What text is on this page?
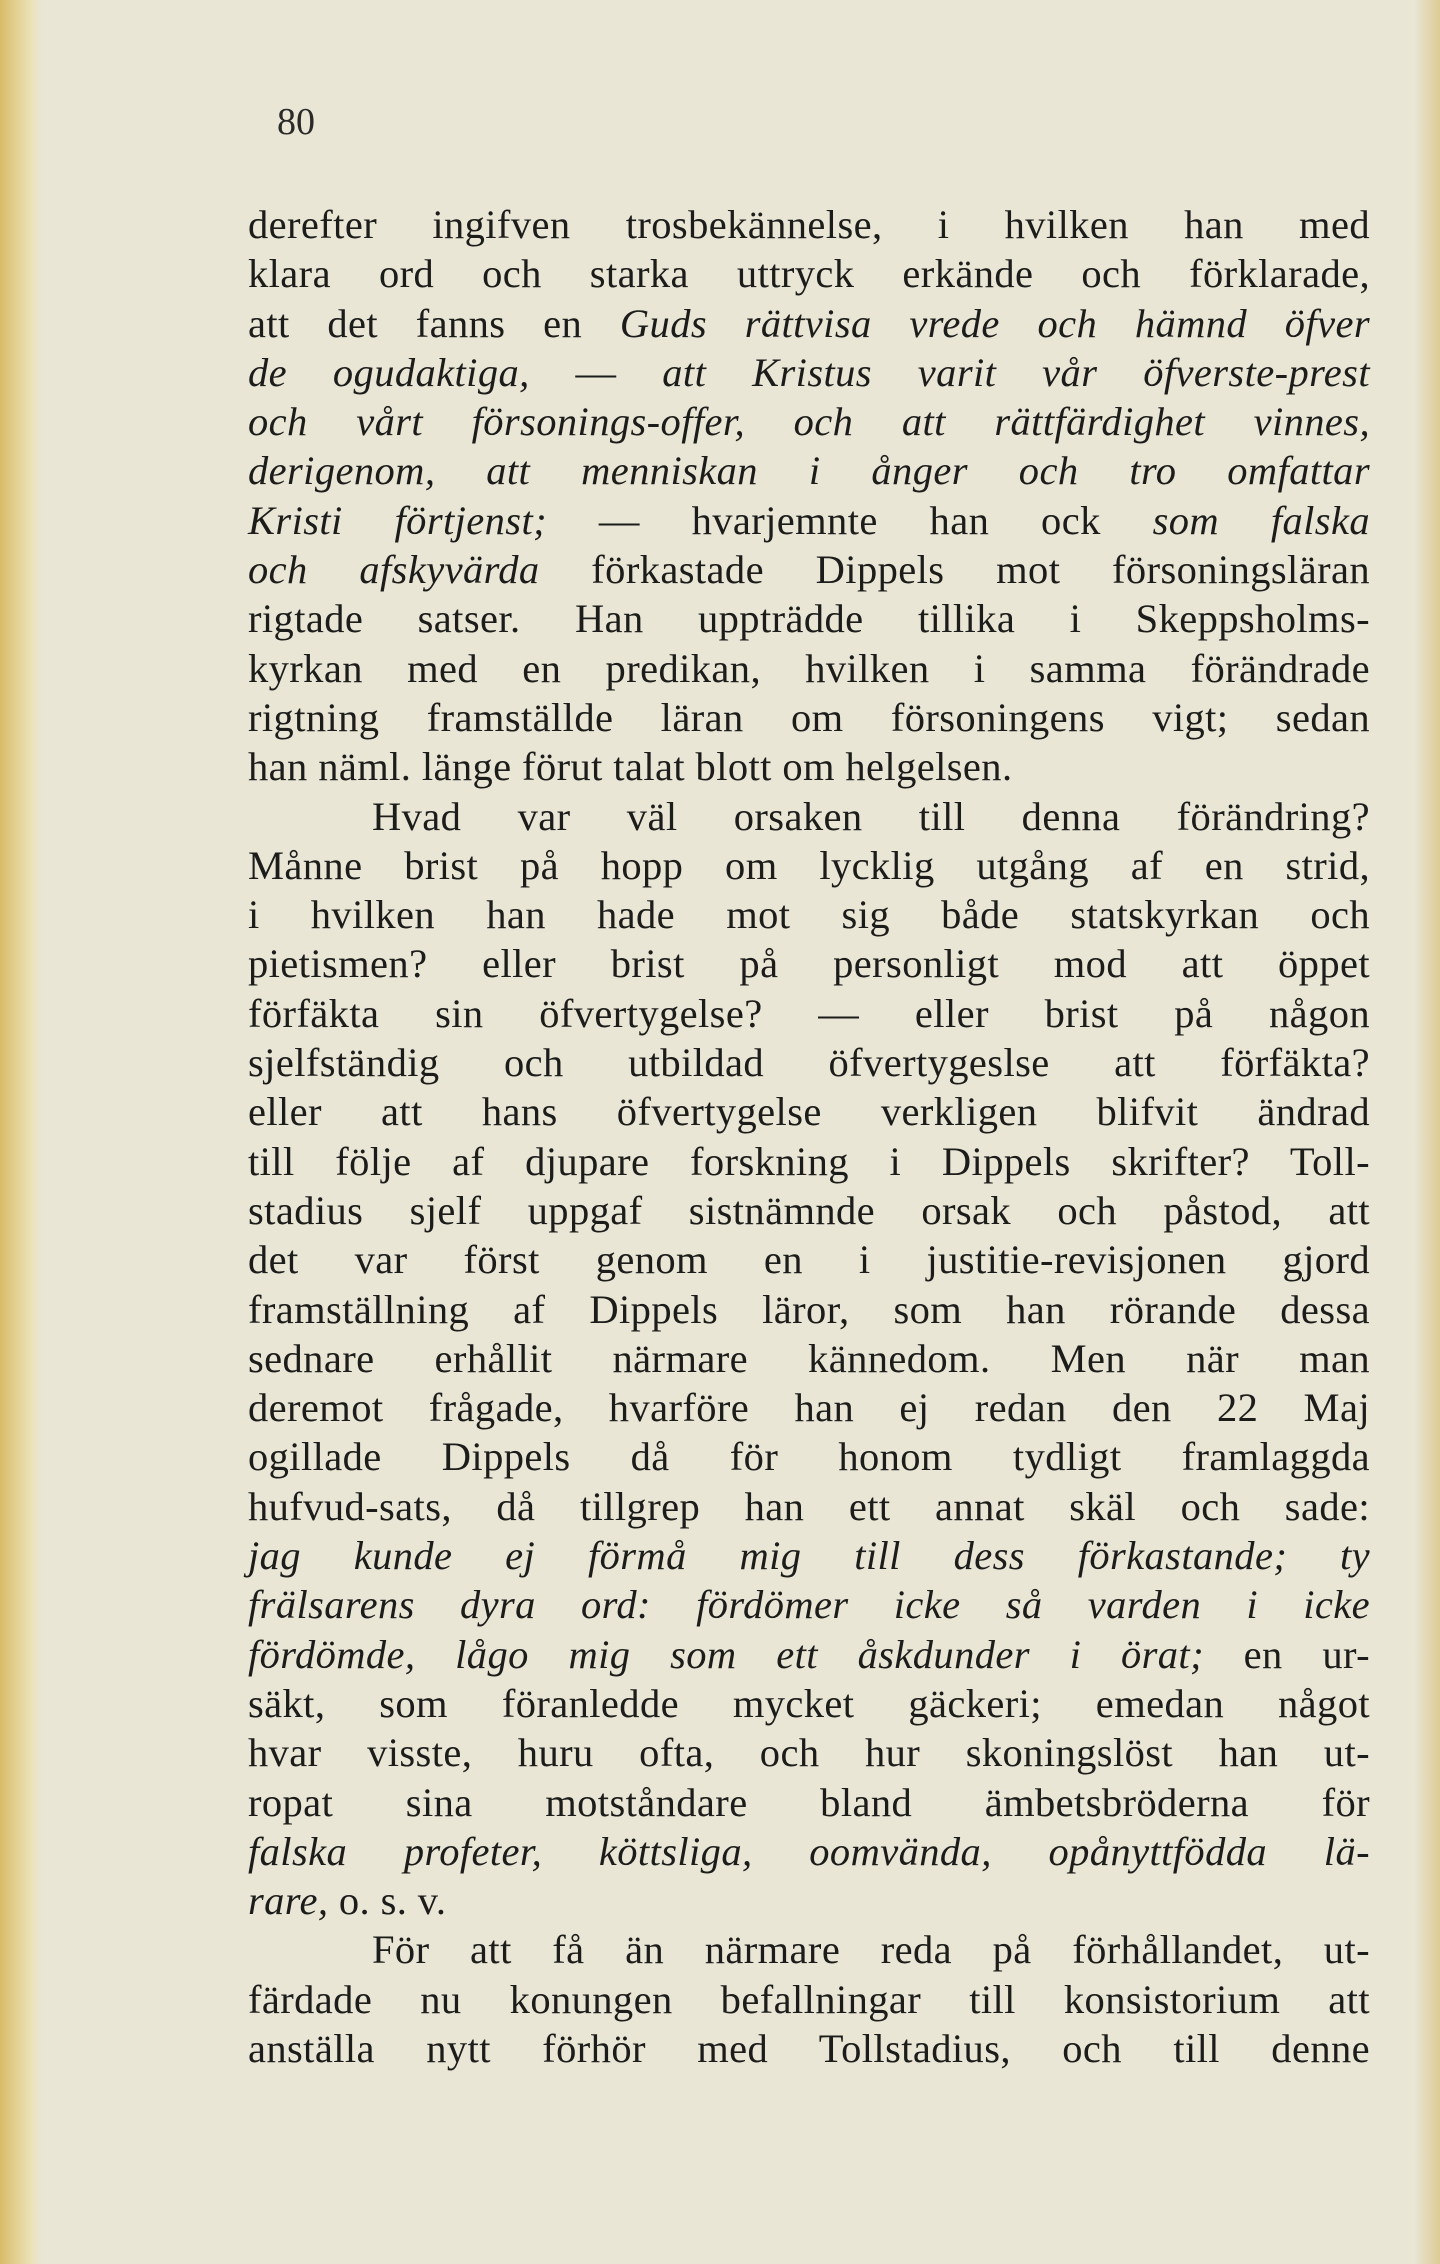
80
derefter ingifven trosbekännelse, i hvilken han med
klara ord och starka uttryck erkände och förklarade,
att det fanns en Guds rättvisa vrede och hämnd öfver
de ogudaktiga, — att Kristus varit vår öfverste-prest
och vårt försonings-offer, och att rättfärdighet vinnes,
derigenom, att menniskan i ånger och tro omfattar
Kristi förtjenst; — hvarjemnte han ock som falska
och afskyvärda förkastade Dippels mot försoningsläran
rigtade satser. Han uppträdde tillika i Skeppsholms-
kyrkan med en predikan, hvilken i samma förändrade
rigtning framställde läran om försoningens vigt; sedan
han näml. länge förut talat blott om helgelsen.
Hvad var väl orsaken till denna förändring?
Månne brist på hopp om lycklig utgång af en strid,
i hvilken han hade mot sig både statskyrkan och
pietismen? eller brist på personligt mod att öppet
förfäkta sin öfvertygelse? — eller brist på någon
sjelfständig och utbildad öfvertygeslse att förfäkta?
eller att hans öfvertygelse verkligen blifvit ändrad
till följe af djupare forskning i Dippels skrifter? Toll-
stadius sjelf uppgaf sistnämnde orsak och påstod, att
det var först genom en i justitie-revisjonen gjord
framställning af Dippels läror, som han rörande dessa
sednare erhållit närmare kännedom. Men när man
deremot frågade, hvarföre han ej redan den 22 Maj
ogillade Dippels då för honom tydligt framlaggda
hufvud-sats, då tillgrep han ett annat skäl och sade:
jag kunde ej förmå mig till dess förkastande; ty
frälsarens dyra ord: fördömer icke så varden i icke
fördömde, lågo mig som ett åskdunder i örat; en ur-
säkt, som föranledde mycket gäckeri; emedan något
hvar visste, huru ofta, och hur skoningslöst han ut-
ropat sina motståndare bland ämbetsbröderna för
falska profeter, köttsliga, oomvända, opånyttfödda lä-
rare, o. s. v.
För att få än närmare reda på förhållandet, ut-
färdade nu konungen befallningar till konsistorium att
anställa nytt förhör med Tollstadius, och till denne
